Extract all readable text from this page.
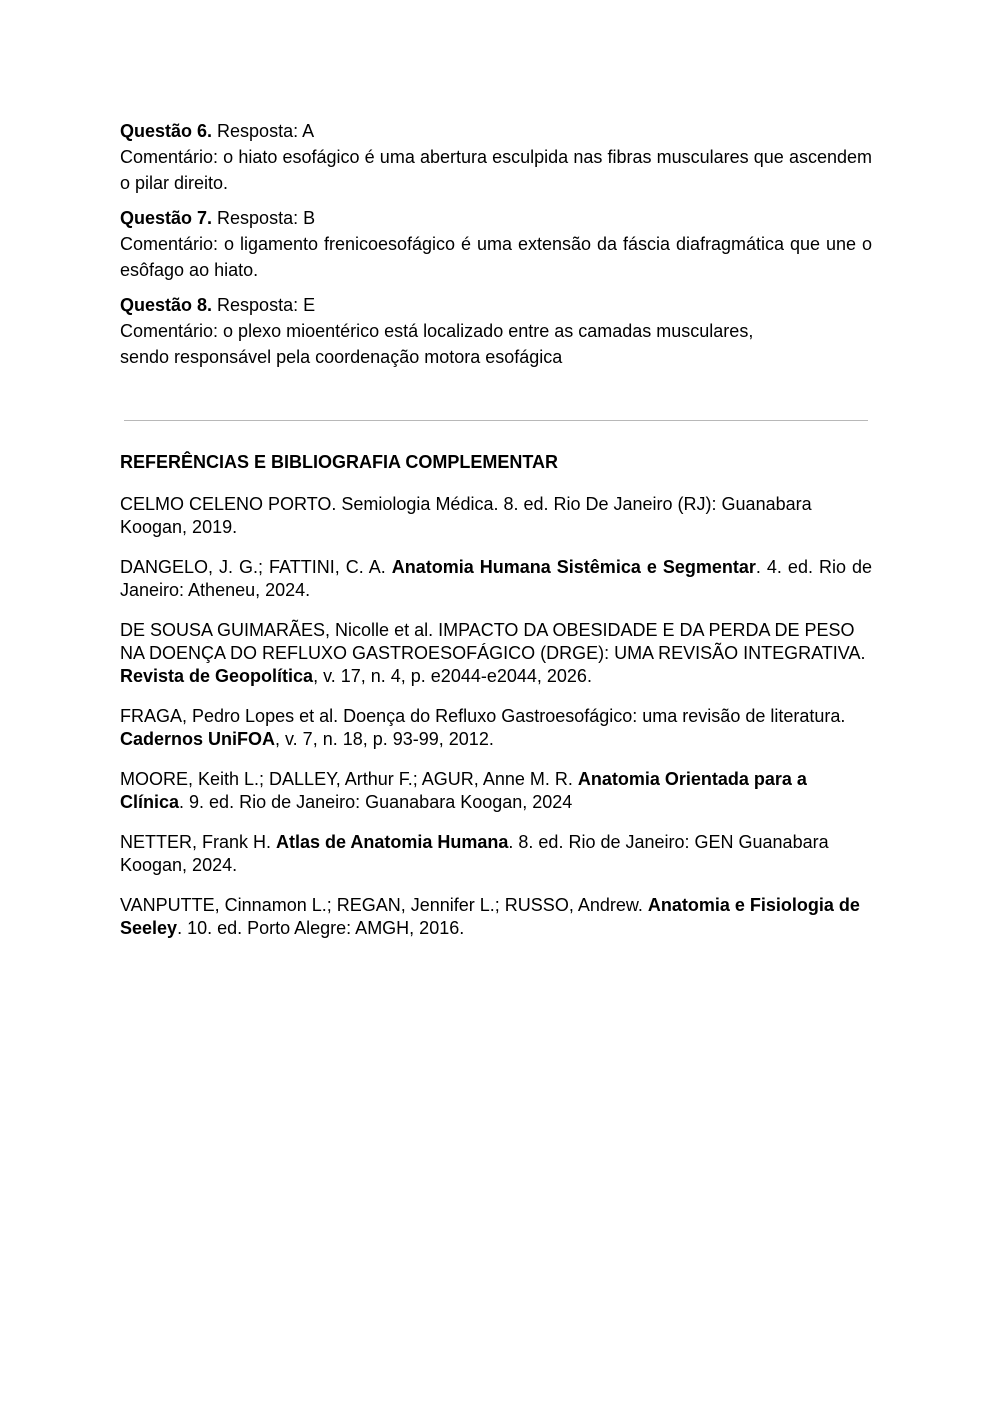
Questão 6. Resposta: A
Comentário: o hiato esofágico é uma abertura esculpida nas fibras musculares que ascendem o pilar direito.
Questão 7. Resposta: B
Comentário: o ligamento frenicoesofágico é uma extensão da fáscia diafragmática que une o esôfago ao hiato.
Questão 8. Resposta: E
Comentário: o plexo mioentérico está localizado entre as camadas musculares,
sendo responsável pela coordenação motora esofágica
REFERÊNCIAS E BIBLIOGRAFIA COMPLEMENTAR
CELMO CELENO PORTO. Semiologia Médica. 8. ed. Rio De Janeiro (RJ): Guanabara Koogan, 2019.
DANGELO, J. G.; FATTINI, C. A. Anatomia Humana Sistêmica e Segmentar. 4. ed. Rio de Janeiro: Atheneu, 2024.
DE SOUSA GUIMARÃES, Nicolle et al. IMPACTO DA OBESIDADE E DA PERDA DE PESO NA DOENÇA DO REFLUXO GASTROESOFÁGICO (DRGE): UMA REVISÃO INTEGRATIVA. Revista de Geopolítica, v. 17, n. 4, p. e2044-e2044, 2026.
FRAGA, Pedro Lopes et al. Doença do Refluxo Gastroesofágico: uma revisão de literatura. Cadernos UniFOA, v. 7, n. 18, p. 93-99, 2012.
MOORE, Keith L.; DALLEY, Arthur F.; AGUR, Anne M. R. Anatomia Orientada para a Clínica. 9. ed. Rio de Janeiro: Guanabara Koogan, 2024
NETTER, Frank H. Atlas de Anatomia Humana. 8. ed. Rio de Janeiro: GEN Guanabara Koogan, 2024.
VANPUTTE, Cinnamon L.; REGAN, Jennifer L.; RUSSO, Andrew. Anatomia e Fisiologia de Seeley. 10. ed. Porto Alegre: AMGH, 2016.
